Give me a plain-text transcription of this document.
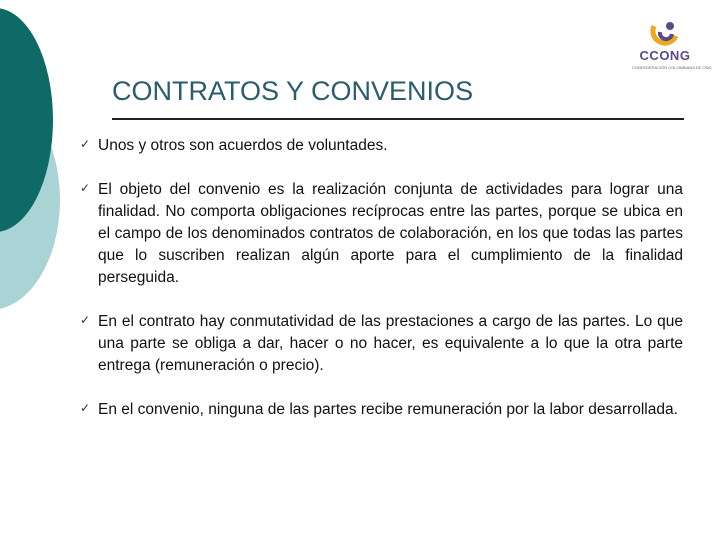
CCONG
CONFEDERACIÓN COLOMBIANA DE ONG
CONTRATOS Y CONVENIOS
✓ Unos y otros son acuerdos de voluntades.
✓ El objeto del convenio es la realización conjunta de actividades para lograr una finalidad. No comporta obligaciones recíprocas entre las partes, porque se ubica en el campo de los denominados contratos de colaboración, en los que todas las partes que lo suscriben realizan algún aporte para el cumplimiento de la finalidad perseguida.
✓ En el contrato hay conmutatividad de las prestaciones a cargo de las partes. Lo que una parte se obliga a dar, hacer o no hacer, es equivalente a lo que la otra parte entrega (remuneración o precio).
✓ En el convenio, ninguna de las partes recibe remuneración por la labor desarrollada.
